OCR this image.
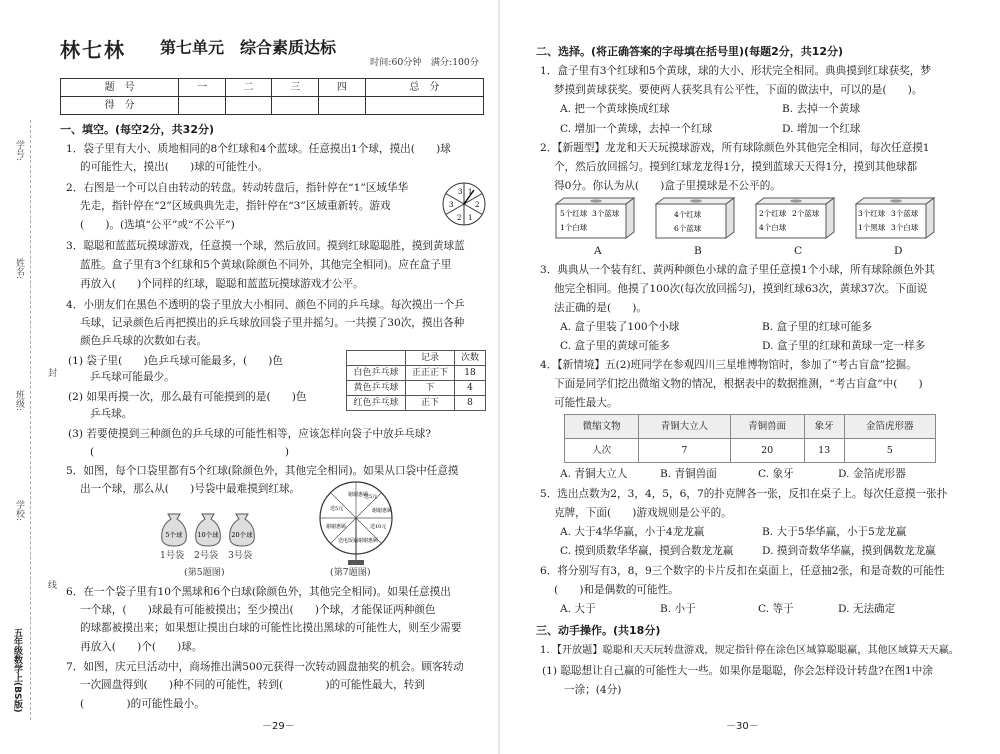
林七林 第七单元　综合素质达标
时间:60分钟　满分:100分
题　号	一	二	三	四	总　分
得　分					
学号:
姓名:
封
班级:
学校:
线
五年级数学上(BS版)
一、填空。(每空2分，共32分)
1．袋子里有大小、质地相同的8个红球和4个蓝球。任意摸出1个球，摸出(　　)球
的可能性大，摸出(　　)球的可能性小。
2．右图是一个可以自由转动的转盘。转动转盘后，指针停在“1”区域华华
先走，指针停在“2”区域典典先走，指针停在“3”区域重新转。游戏
(　　)。(选填“公平”或“不公平”)
3 1
2
1
2
3
3．聪聪和蓝蓝玩摸球游戏，任意摸一个球，然后放回。摸到红球聪聪胜，摸到黄球蓝
蓝胜。盒子里有3个红球和5个黄球(除颜色不同外，其他完全相同)。应在盒子里
再放入(　　)个同样的红球，聪聪和蓝蓝玩摸球游戏才公平。
4．小朋友们在黑色不透明的袋子里放大小相同、颜色不同的乒乓球。每次摸出一个乒
乓球，记录颜色后再把摸出的乒乓球放回袋子里并摇匀。一共摸了30次，摸出各种
颜色乒乓球的次数如右表。
(1) 袋子里(　　)色乒乓球可能最多，(　　)色
乒乓球可能最少。
(2) 如果再摸一次，那么最有可能摸到的是(　　)色
乒乓球。
(3) 若要使摸到三种颜色的乒乓球的可能性相等，应该怎样向袋子中放乒乓球?
(　　　　　　　　　　　　　　　　　　)
	记录	次数
白色乒乓球	正正正下	18
黄色乒乓球	下	4
红色乒乓球	正下	8
5．如图，每个口袋里都有5个红球(除颜色外，其他完全相同)。如果从口袋中任意摸
出一个球，那么从(　　)号袋中最难摸到红球。
5个球 10个球 20个球
1号袋 2号袋 3号袋
(第5题图)
谢谢惠顾
送5元
谢谢惠顾
送10元
谢谢惠顾
送电饭锅
谢谢惠顾
送5元
(第7题图)
6．在一个袋子里有10个黑球和6个白球(除颜色外，其他完全相同)。如果任意摸出
一个球，(　　)球最有可能被摸出；至少摸出(　　)个球，才能保证两种颜色
的球都被摸出来；如果想让摸出白球的可能性比摸出黑球的可能性大，则至少需要
再放入(　　)个(　　)球。
7．如图，庆元旦活动中，商场推出满500元获得一次转动圆盘抽奖的机会。顾客转动
一次圆盘得到(　　)种不同的可能性，转到(　　　　)的可能性最大，转到
(　　　　)的可能性最小。
－29－
二、选择。(将正确答案的字母填在括号里)(每题2分，共12分)
1．盒子里有3个红球和5个黄球，球的大小、形状完全相同。典典摸到红球获奖，梦
梦摸到黄球获奖。要使两人获奖具有公平性，下面的做法中，可以的是(　　)。
A. 把一个黄球换成红球	B. 去掉一个黄球
C. 增加一个黄球，去掉一个红球	D. 增加一个红球
2．【新题型】龙龙和天天玩摸球游戏，所有球除颜色外其他完全相同，每次任意摸1
个，然后放回摇匀。摸到红球龙龙得1分，摸到蓝球天天得1分，摸到其他球都
得0分。你认为从(　　)盒子里摸球是不公平的。
5个红球 3个蓝球
1个白球
4个红球
6个蓝球
2个红球 2个蓝球
4个白球
3个红球 3个蓝球
1个黑球 3个白球
A	B	C	D
3．典典从一个装有红、黄两种颜色小球的盒子里任意摸1个小球，所有球除颜色外其
他完全相同。他摸了100次(每次放回摇匀)，摸到红球63次，黄球37次。下面说
法正确的是(　　)。
A. 盒子里装了100个小球	B. 盒子里的红球可能多
C. 盒子里的黄球可能多	D. 盒子里的红球和黄球一定一样多
4．【新情境】五(2)班同学在参观四川三星堆博物馆时，参加了“考古盲盒”挖掘。
下面是同学们挖出微缩文物的情况，根据表中的数据推测，“考古盲盒”中(　　)
可能性最大。
微缩文物	青铜大立人	青铜兽面	象牙	金箔虎形器
人次	7	20	13	5
A. 青铜大立人	B. 青铜兽面	C. 象牙	D. 金箔虎形器
5．选出点数为2，3，4，5，6，7的扑克牌各一张，反扣在桌子上。每次任意摸一张扑
克牌，下面(　　)游戏规则是公平的。
A. 大于4华华赢，小于4龙龙赢	B. 大于5华华赢，小于5龙龙赢
C. 摸到质数华华赢，摸到合数龙龙赢	D. 摸到奇数华华赢，摸到偶数龙龙赢
6．将分别写有3，8，9三个数字的卡片反扣在桌面上，任意抽2张，和是奇数的可能性
(　　)和是偶数的可能性。
A. 大于	B. 小于	C. 等于	D. 无法确定
三、动手操作。(共18分)
1．【开放题】聪聪和天天玩转盘游戏，规定指针停在涂色区域算聪聪赢，其他区域算天天赢。
(1) 聪聪想让自己赢的可能性大一些。如果你是聪聪，你会怎样设计转盘?在图1中涂
一涂；(4分)
－30－
